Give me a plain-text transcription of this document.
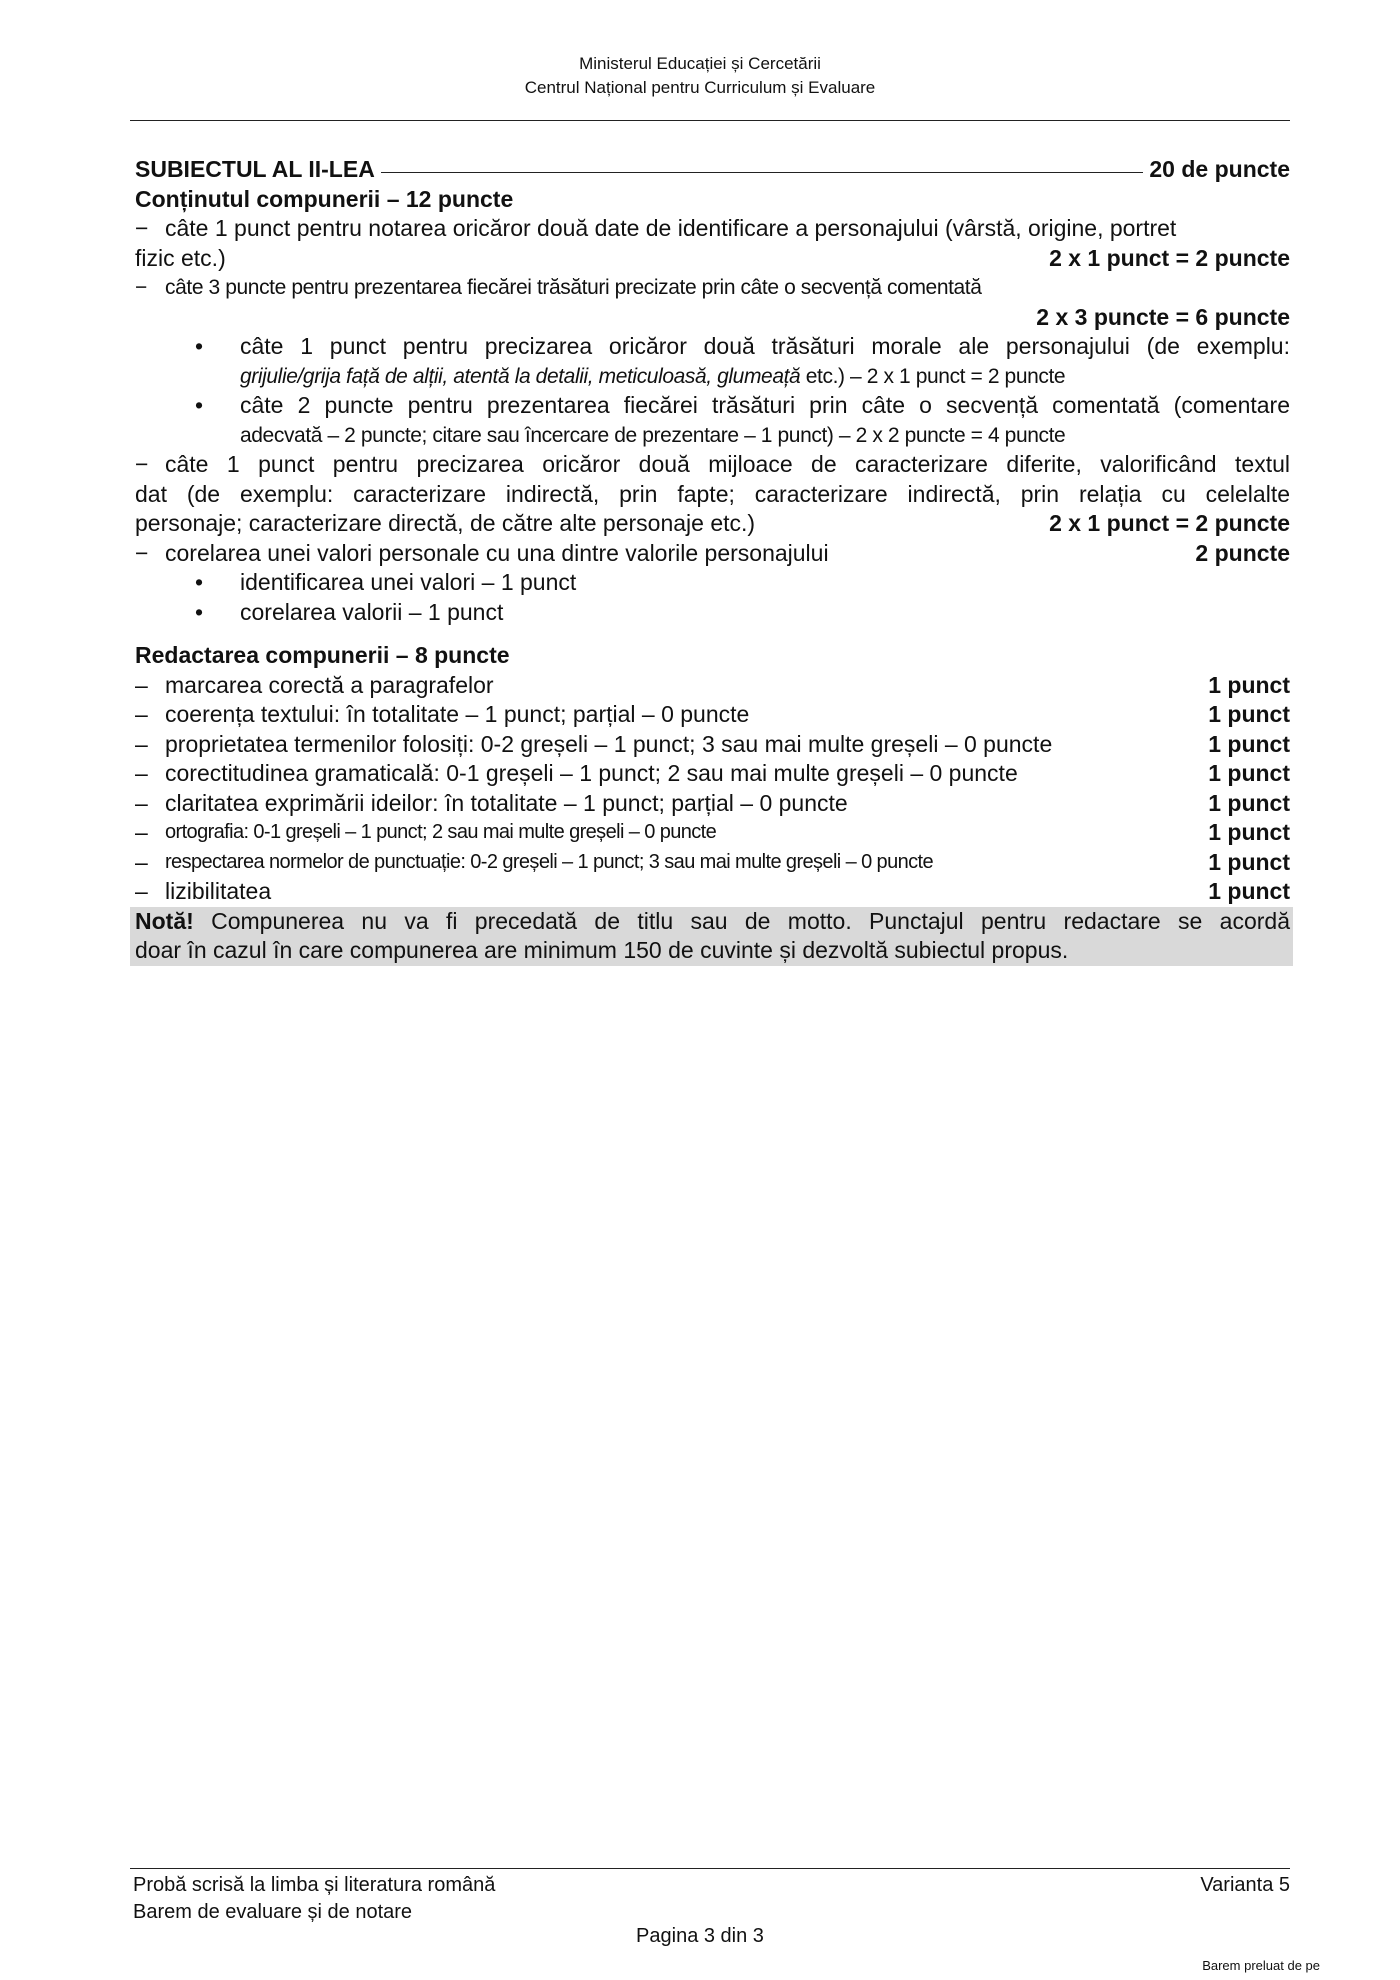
Ministerul Educației și Cercetării
Centrul Național pentru Curriculum și Evaluare
SUBIECTUL AL II-LEA	20 de puncte
Conținutul compunerii – 12 puncte
− câte 1 punct pentru notarea oricăror două date de identificare a personajului (vârstă, origine, portret
fizic etc.)	2 x 1 punct = 2 puncte
− câte 3 puncte pentru prezentarea fiecărei trăsături precizate prin câte o secvență comentată
2 x 3 puncte = 6 puncte
•	câte 1 punct pentru precizarea oricăror două trăsături morale ale personajului (de exemplu:
grijulie/grija față de alții, atentă la detalii, meticuloasă, glumeață etc.) – 2 x 1 punct = 2 puncte
•	câte 2 puncte pentru prezentarea fiecărei trăsături prin câte o secvență comentată (comentare
adecvată – 2 puncte; citare sau încercare de prezentare – 1 punct) – 2 x 2 puncte = 4 puncte
− câte 1 punct pentru precizarea oricăror două mijloace de caracterizare diferite, valorificând textul
dat (de exemplu: caracterizare indirectă, prin fapte; caracterizare indirectă, prin relația cu celelalte
personaje; caracterizare directă, de către alte personaje etc.)	2 x 1 punct = 2 puncte
− corelarea unei valori personale cu una dintre valorile personajului	2 puncte
•	identificarea unei valori – 1 punct
•	corelarea valorii – 1 punct
Redactarea compunerii – 8 puncte
– marcarea corectă a paragrafelor	1 punct
– coerența textului: în totalitate – 1 punct; parțial – 0 puncte	1 punct
– proprietatea termenilor folosiți: 0-2 greșeli – 1 punct; 3 sau mai multe greșeli – 0 puncte	1 punct
– corectitudinea gramaticală: 0-1 greșeli – 1 punct; 2 sau mai multe greșeli – 0 puncte	1 punct
– claritatea exprimării ideilor: în totalitate – 1 punct; parțial – 0 puncte	1 punct
– ortografia: 0-1 greșeli – 1 punct; 2 sau mai multe greșeli – 0 puncte	1 punct
– respectarea normelor de punctuație: 0-2 greșeli – 1 punct; 3 sau mai multe greșeli – 0 puncte	1 punct
– lizibilitatea	1 punct
Notă! Compunerea nu va fi precedată de titlu sau de motto. Punctajul pentru redactare se acordă
doar în cazul în care compunerea are minimum 150 de cuvinte și dezvoltă subiectul propus.
Probă scrisă la limba și literatura română	Varianta 5
Barem de evaluare și de notare
Pagina 3 din 3
Barem preluat de pe
